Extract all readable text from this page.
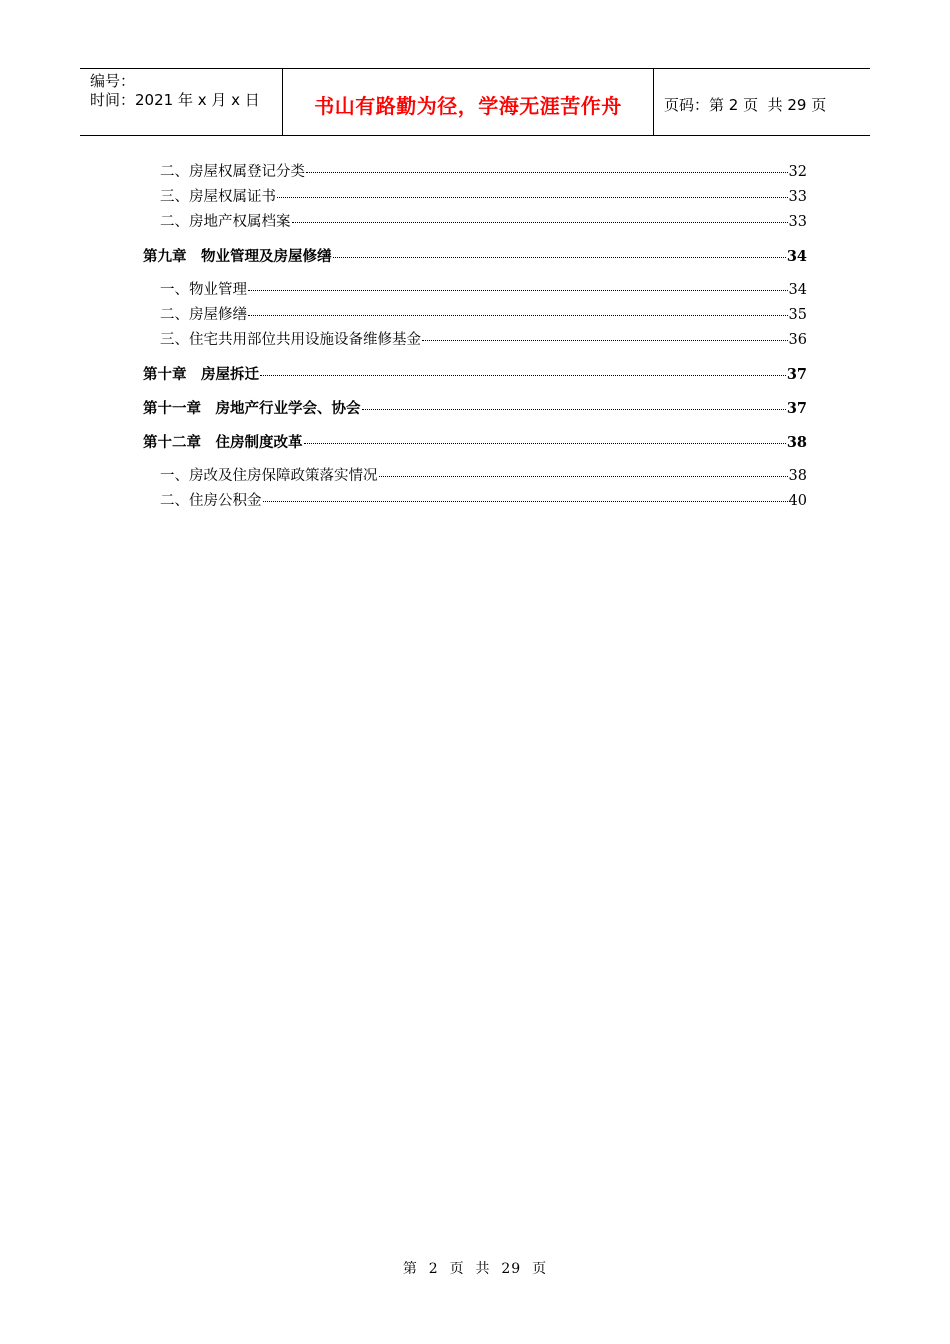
编号：
时间：2021 年 x 月 x 日	书山有路勤为径，学海无涯苦作舟	页码：第 2 页  共 29 页
二、房屋权属登记分类	32
三、房屋权属证书	33
二、房地产权属档案	33
第九章　物业管理及房屋修缮	34
一、物业管理	34
二、房屋修缮	35
三、住宅共用部位共用设施设备维修基金	36
第十章　房屋拆迁	37
第十一章　房地产行业学会、协会	37
第十二章　住房制度改革	38
一、房改及住房保障政策落实情况	38
二、住房公积金	40
第  2  页  共  29  页
